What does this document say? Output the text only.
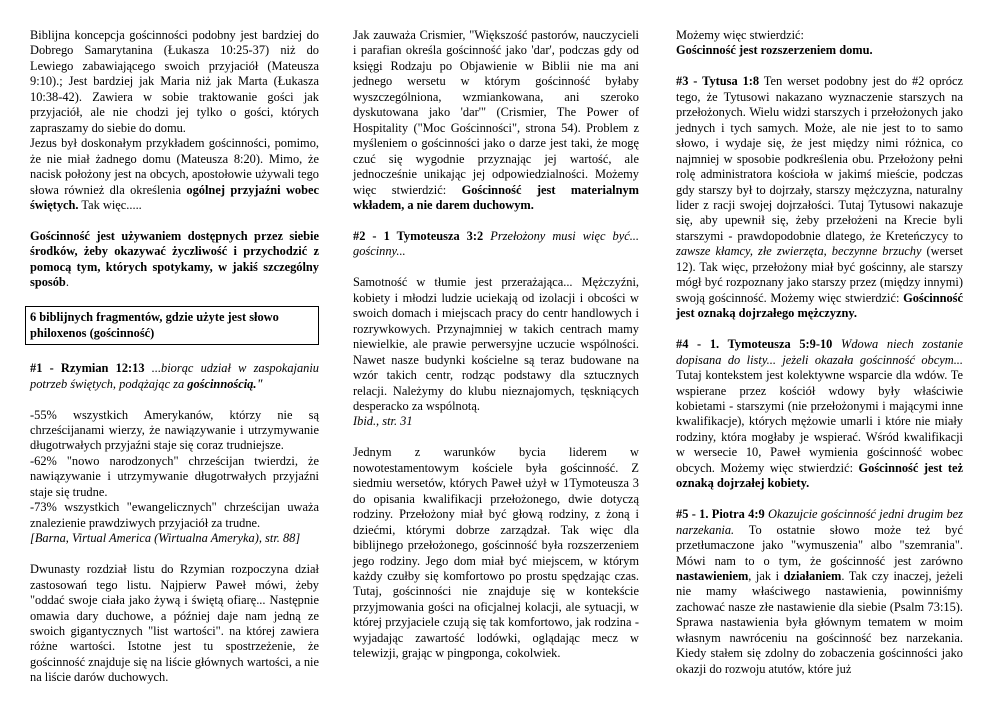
Biblijna koncepcja gościnności podobny jest bardziej do Dobrego Samarytanina (Łukasza 10:25-37) niż do Lewiego zabawiającego swoich przyjaciół (Mateusza 9:10).; Jest bardziej jak Maria niż jak Marta (Łukasza 10:38-42). Zawiera w sobie traktowanie gości jak przyjaciół, ale nie chodzi jej tylko o gości, których zapraszamy do siebie do domu.

Jezus był doskonałym przykładem gościnności, pomimo, że nie miał żadnego domu (Mateusza 8:20). Mimo, że nacisk położony jest na obcych, apostołowie używali tego słowa również dla określenia ogólnej przyjaźni wobec świętych. Tak więc.....

Gościnność jest używaniem dostępnych przez siebie środków, żeby okazywać życzliwość i przychodzić z pomocą tym, których spotykamy, w jakiś szczególny sposób.

6 biblijnych fragmentów, gdzie użyte jest słowo philoxenos (gościnność)

#1 - Rzymian 12:13 ...biorąc udział w zaspokajaniu potrzeb świętych, podążając za gościnnością."

-55% wszystkich Amerykanów, którzy nie są chrześcijanami wierzy, że nawiązywanie i utrzymywanie długotrwałych przyjaźni staje się coraz trudniejsze.
-62% "nowo narodzonych" chrześcijan twierdzi, że nawiązywanie i utrzymywanie długotrwałych przyjaźni staje się trudne.
-73% wszystkich "ewangelicznych" chrześcijan uważa znalezienie prawdziwych przyjaciół za trudne.
[Barna, Virtual America (Wirtualna Ameryka), str. 88]

Dwunasty rozdział listu do Rzymian rozpoczyna dział zastosowań tego listu. Najpierw Paweł mówi, żeby "oddać swoje ciała jako żywą i świętą ofiarę... Następnie omawia dary duchowe, a później daje nam jedną ze swoich gigantycznych "list wartości". na której zawiera różne wartości. Istotne jest tu spostrzeżenie, że gościnność znajduje się na liście głównych wartości, a nie na liście darów duchowych.

Jak zauważa Crismier, "Większość pastorów, nauczycieli i parafian określa gościnność jako 'dar', podczas gdy od księgi Rodzaju po Objawienie w Biblii nie ma ani jednego wersetu w którym gościnność byłaby wyszczególniona, wzmiankowana, ani szeroko dyskutowana jako 'dar'" (Crismier, The Power of Hospitality ("Moc Gościnności", strona 54). Problem z myśleniem o gościnności jako o darze jest taki, że mogę czuć się wygodnie przyznając jej wartość, ale jednocześnie unikając jej odpowiedzialności. Możemy więc stwierdzić: Gościnność jest materialnym wkładem, a nie darem duchowym.

#2 - 1 Tymoteusza 3:2 Przełożony musi więc być... gościnny...

Samotność w tłumie jest przerażająca... Mężczyźni, kobiety i młodzi ludzie uciekają od izolacji i obcości w swoich domach i miejscach pracy do centr handlowych i rozrywkowych. Przynajmniej w takich centrach mamy niewielkie, ale prawie perwersyjne uczucie wspólności. Nawet nasze budynki kościelne są teraz budowane na wzór takich centr, rodząc podstawy dla sztucznych relacji. Należymy do klubu nieznajomych, tęskniących desperacko za wspólnotą.
Ibid., str. 31

Jednym z warunków bycia liderem w nowotestamentowym kościele była gościnność. Z siedmiu wersetów, których Paweł użył w 1Tymoteusza 3 do opisania kwalifikacji przełożonego, dwie dotyczą rodziny. Przełożony miał być głową rodziny, z żoną i dziećmi, którymi dobrze zarządzał. Tak więc dla biblijnego przełożonego, gościnność była rozszerzeniem jego rodziny. Jego dom miał być miejscem, w którym każdy czułby się komfortowo po prostu spędzając czas. Tutaj, gościnności nie znajduje się w kontekście przyjmowania gości na oficjalnej kolacji, ale sytuacji, w której przyjaciele czują się tak komfortowo, jak rodzina - wyjadając zawartość lodówki, oglądając mecz w telewizji, grając w pingponga, cokolwiek.

Możemy więc stwierdzić:
Gościnność jest rozszerzeniem domu.

#3 - Tytusa 1:8 Ten werset podobny jest do #2 oprócz tego, że Tytusowi nakazano wyznaczenie starszych na przełożonych. Wielu widzi starszych i przełożonych jako jednych i tych samych. Może, ale nie jest to to samo słowo, i wydaje się, że jest między nimi różnica, co najmniej w sposobie podkreślenia obu. Przełożony pełni rolę administratora kościoła w jakimś mieście, podczas gdy starszy był to dojrzały, starszy mężczyzna, naturalny lider z racji swojej dojrzałości. Tutaj Tytusowi nakazuje się, aby upewnił się, żeby przełożeni na Krecie byli starszymi - prawdopodobnie dlatego, że Kreteńczycy to zawsze kłamcy, złe zwierzęta, beczynne brzuchy (werset 12). Tak więc, przełożony miał być gościnny, ale starszy mógł być rozpoznany jako starszy przez (między innymi) swoją gościnność. Możemy więc stwierdzić: Gościnność jest oznaką dojrzałego mężczyzny.

#4 - 1. Tymoteusza 5:9-10 Wdowa niech zostanie dopisana do listy... jeżeli okazała gościnność obcym... Tutaj kontekstem jest kolektywne wsparcie dla wdów. Te wspierane przez kościół wdowy były właściwie kobietami - starszymi (nie przełożonymi i mającymi inne kwalifikacje), których mężowie umarli i które nie miały rodziny, która mogłaby je wspierać. Wśród kwalifikacji w wersecie 10, Paweł wymienia gościnność wobec obcych. Możemy więc stwierdzić: Gościnność jest też oznaką dojrzałej kobiety.

#5 - 1. Piotra 4:9 Okazujcie gościnność jedni drugim bez narzekania. To ostatnie słowo może też być przetłumaczone jako "wymuszenia" albo "szemrania". Mówi nam to o tym, że gościnność jest zarówno nastawieniem, jak i działaniem. Tak czy inaczej, jeżeli nie mamy właściwego nastawienia, powinniśmy zachować nasze złe nastawienie dla siebie (Psalm 73:15). Sprawa nastawienia była głównym tematem w moim własnym nawróceniu na gościnność bez narzekania. Kiedy stałem się zdolny do zobaczenia gościnności jako okazji do rozwoju atutów, które już
